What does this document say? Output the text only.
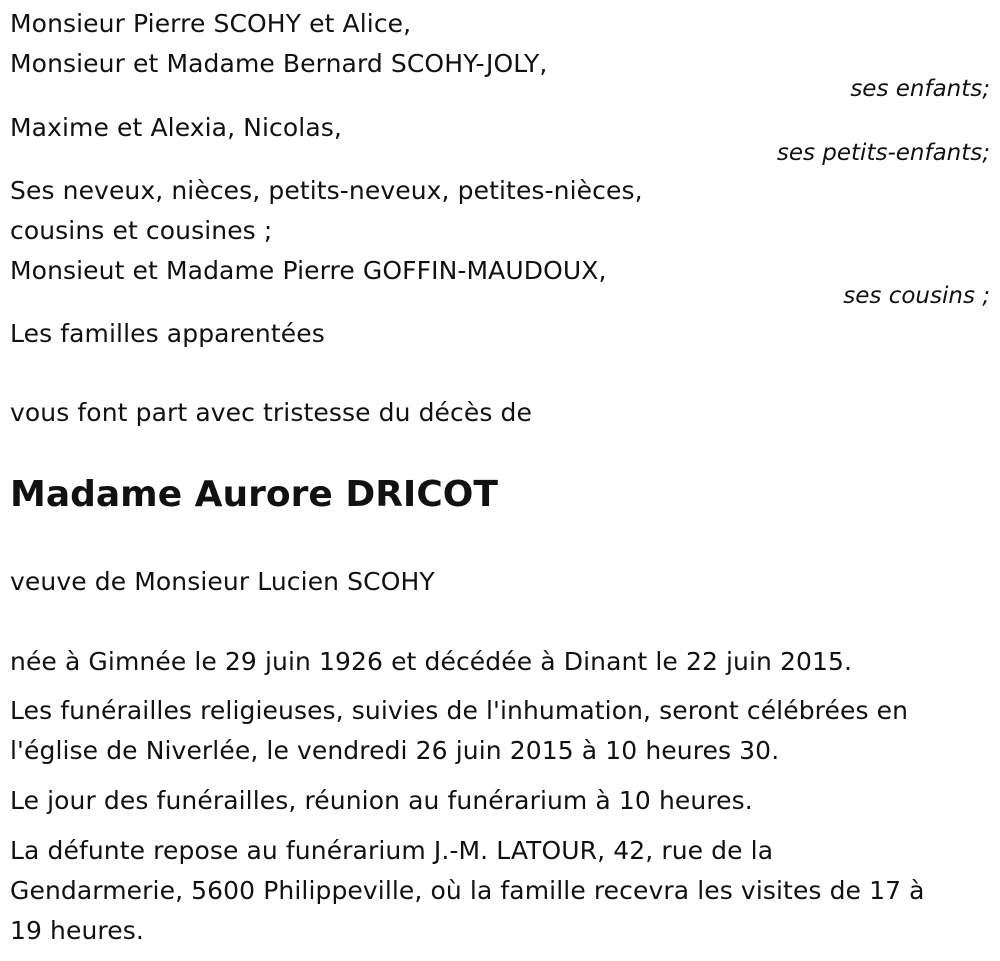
Monsieur Pierre SCOHY et Alice,
Monsieur et Madame Bernard SCOHY-JOLY,
ses enfants;
Maxime et Alexia, Nicolas,
ses petits-enfants;
Ses neveux, nièces, petits-neveux, petites-nièces,
cousins et cousines ;
Monsieut et Madame Pierre GOFFIN-MAUDOUX,
ses cousins ;
Les familles apparentées
vous font part avec tristesse du décès de
Madame Aurore DRICOT
veuve de Monsieur Lucien SCOHY
née à Gimnée le 29 juin 1926 et décédée à Dinant le 22 juin 2015.
Les funérailles religieuses, suivies de l'inhumation, seront célébrées en
l'église de Niverlée, le vendredi 26 juin 2015 à 10 heures 30.
Le jour des funérailles, réunion au funérarium à 10 heures.
La défunte repose au funérarium J.-M. LATOUR, 42, rue de la
Gendarmerie, 5600 Philippeville, où la famille recevra les visites de 17 à
19 heures.
